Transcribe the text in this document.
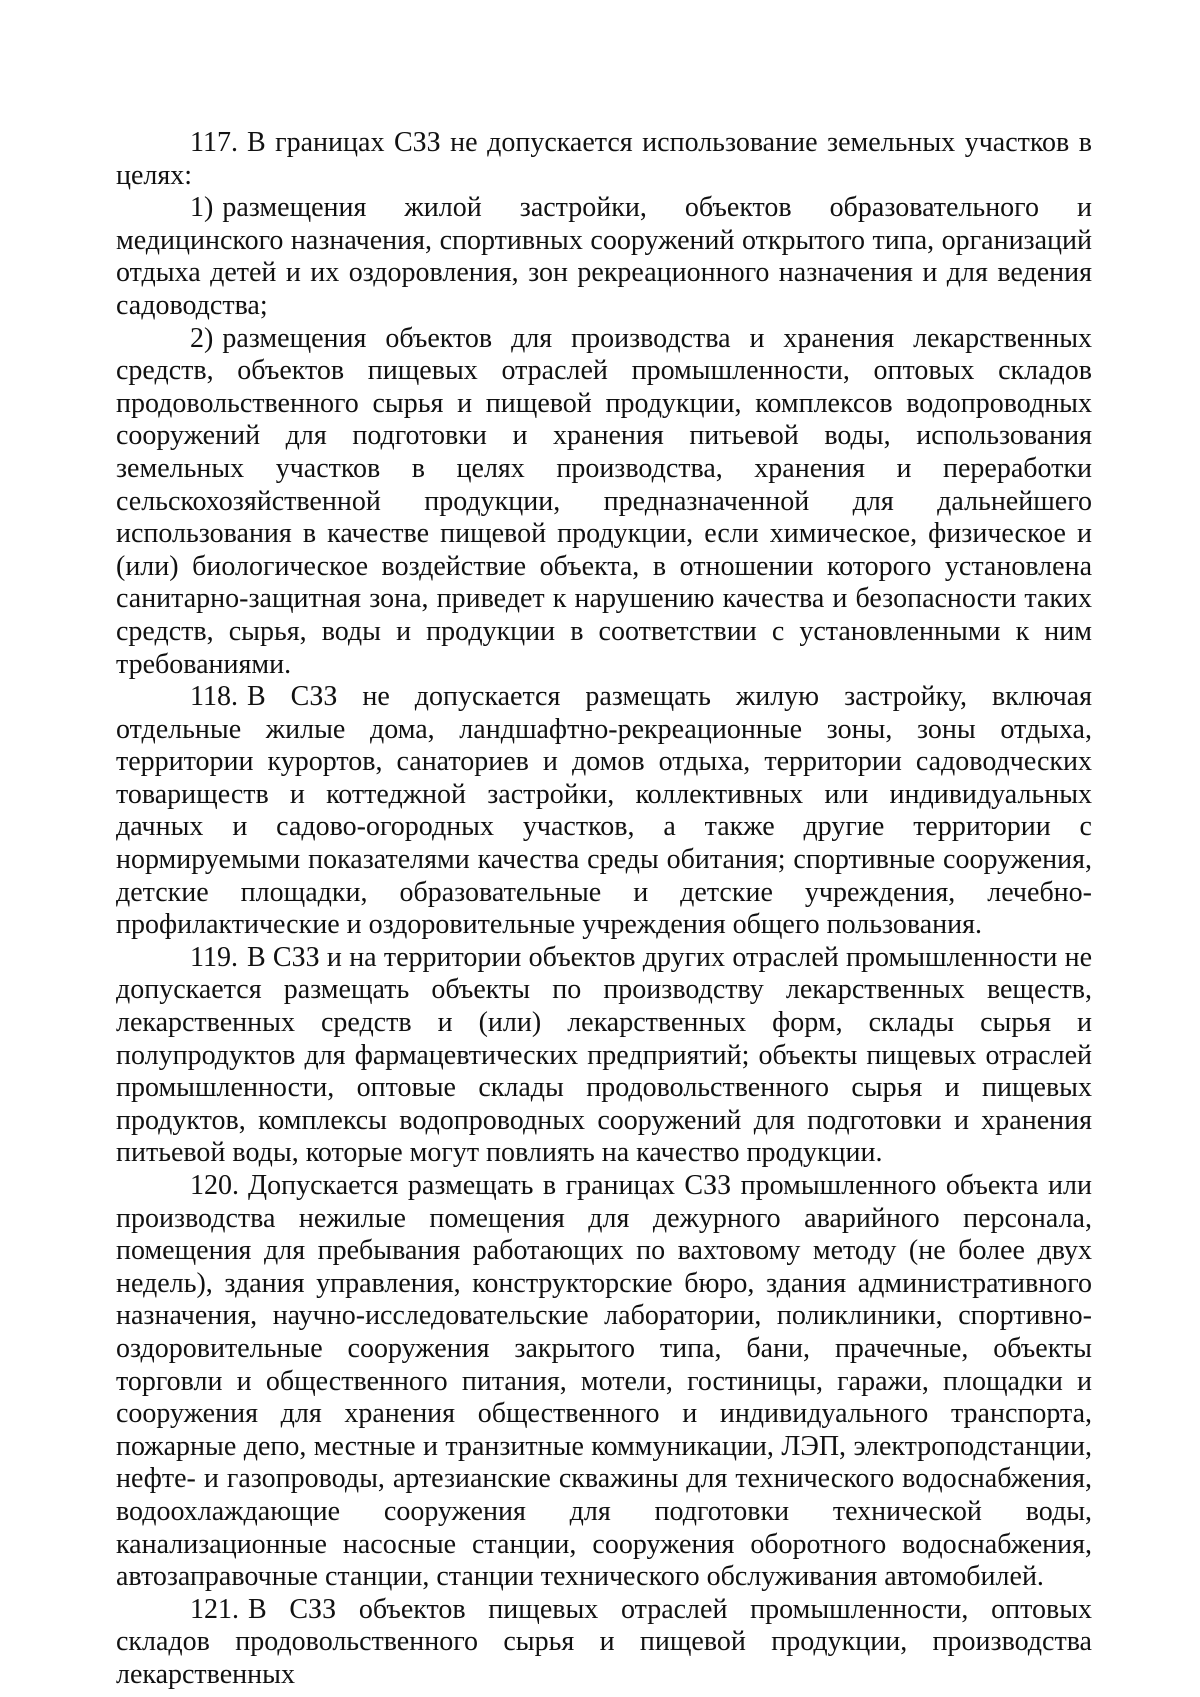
117. В границах СЗЗ не допускается использование земельных участков в целях:

1) размещения жилой застройки, объектов образовательного и медицинского назначения, спортивных сооружений открытого типа, организаций отдыха детей и их оздоровления, зон рекреационного назначения и для ведения садоводства;

2) размещения объектов для производства и хранения лекарственных средств, объектов пищевых отраслей промышленности, оптовых складов продовольственного сырья и пищевой продукции, комплексов водопроводных сооружений для подготовки и хранения питьевой воды, использования земельных участков в целях производства, хранения и переработки сельскохозяйственной продукции, предназначенной для дальнейшего использования в качестве пищевой продукции, если химическое, физическое и (или) биологическое воздействие объекта, в отношении которого установлена санитарно-защитная зона, приведет к нарушению качества и безопасности таких средств, сырья, воды и продукции в соответствии с установленными к ним требованиями.

118. В СЗЗ не допускается размещать жилую застройку, включая отдельные жилые дома, ландшафтно-рекреационные зоны, зоны отдыха, территории курортов, санаториев и домов отдыха, территории садоводческих товариществ и коттеджной застройки, коллективных или индивидуальных дачных и садово-огородных участков, а также другие территории с нормируемыми показателями качества среды обитания; спортивные сооружения, детские площадки, образовательные и детские учреждения, лечебно-профилактические и оздоровительные учреждения общего пользования.

119. В СЗЗ и на территории объектов других отраслей промышленности не допускается размещать объекты по производству лекарственных веществ, лекарственных средств и (или) лекарственных форм, склады сырья и полупродуктов для фармацевтических предприятий; объекты пищевых отраслей промышленности, оптовые склады продовольственного сырья и пищевых продуктов, комплексы водопроводных сооружений для подготовки и хранения питьевой воды, которые могут повлиять на качество продукции.

120. Допускается размещать в границах СЗЗ промышленного объекта или производства нежилые помещения для дежурного аварийного персонала, помещения для пребывания работающих по вахтовому методу (не более двух недель), здания управления, конструкторские бюро, здания административного назначения, научно-исследовательские лаборатории, поликлиники, спортивно-оздоровительные сооружения закрытого типа, бани, прачечные, объекты торговли и общественного питания, мотели, гостиницы, гаражи, площадки и сооружения для хранения общественного и индивидуального транспорта, пожарные депо, местные и транзитные коммуникации, ЛЭП, электроподстанции, нефте- и газопроводы, артезианские скважины для технического водоснабжения, водоохлаждающие сооружения для подготовки технической воды, канализационные насосные станции, сооружения оборотного водоснабжения, автозаправочные станции, станции технического обслуживания автомобилей.

121. В СЗЗ объектов пищевых отраслей промышленности, оптовых складов продовольственного сырья и пищевой продукции, производства лекарственных
